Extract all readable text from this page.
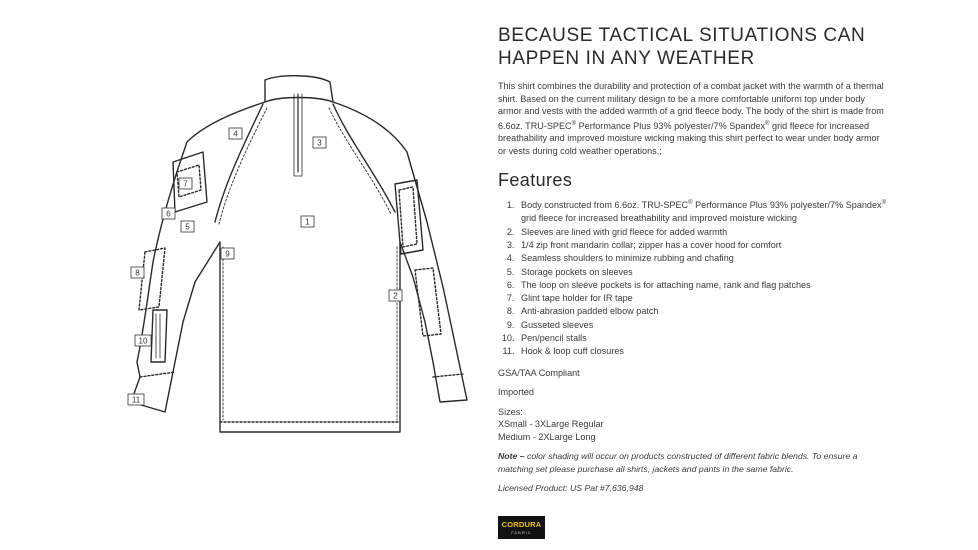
1
2
3
4
5
6
7
8
9
10
11
BECAUSE TACTICAL SITUATIONS CAN HAPPEN IN ANY WEATHER

This shirt combines the durability and protection of a combat jacket with the warmth of a thermal shirt. Based on the current military design to be a more comfortable uniform top under body armor and vests with the added warmth of a grid fleece body. The body of the shirt is made from 6.6oz. TRU-SPEC® Performance Plus 93% polyester/7% Spandex® grid fleece for increased breathability and improved moisture wicking making this shirt perfect to wear under body armor or vests during cold weather operations.;

Features
1. Body constructed from 6.6oz. TRU-SPEC® Performance Plus 93% polyester/7% Spandex® grid fleece for increased breathability and improved moisture wicking
2. Sleeves are lined with grid fleece for added warmth
3. 1/4 zip front mandarin collar; zipper has a cover hood for comfort
4. Seamless shoulders to minimize rubbing and chafing
5. Storage pockets on sleeves
6. The loop on sleeve pockets is for attaching name, rank and flag patches
7. Glint tape holder for IR tape
8. Anti-abrasion padded elbow patch
9. Gusseted sleeves
10. Pen/pencil stalls
11. Hook & loop cuff closures

GSA/TAA Compliant

Imported

Sizes:
XSmall - 3XLarge Regular
Medium - 2XLarge Long

Note – color shading will occur on products constructed of different fabric blends. To ensure a matching set please purchase all shirts, jackets and pants in the same fabric.

Licensed Product: US Pat #7,636,948

CORDURA
FABRIC
